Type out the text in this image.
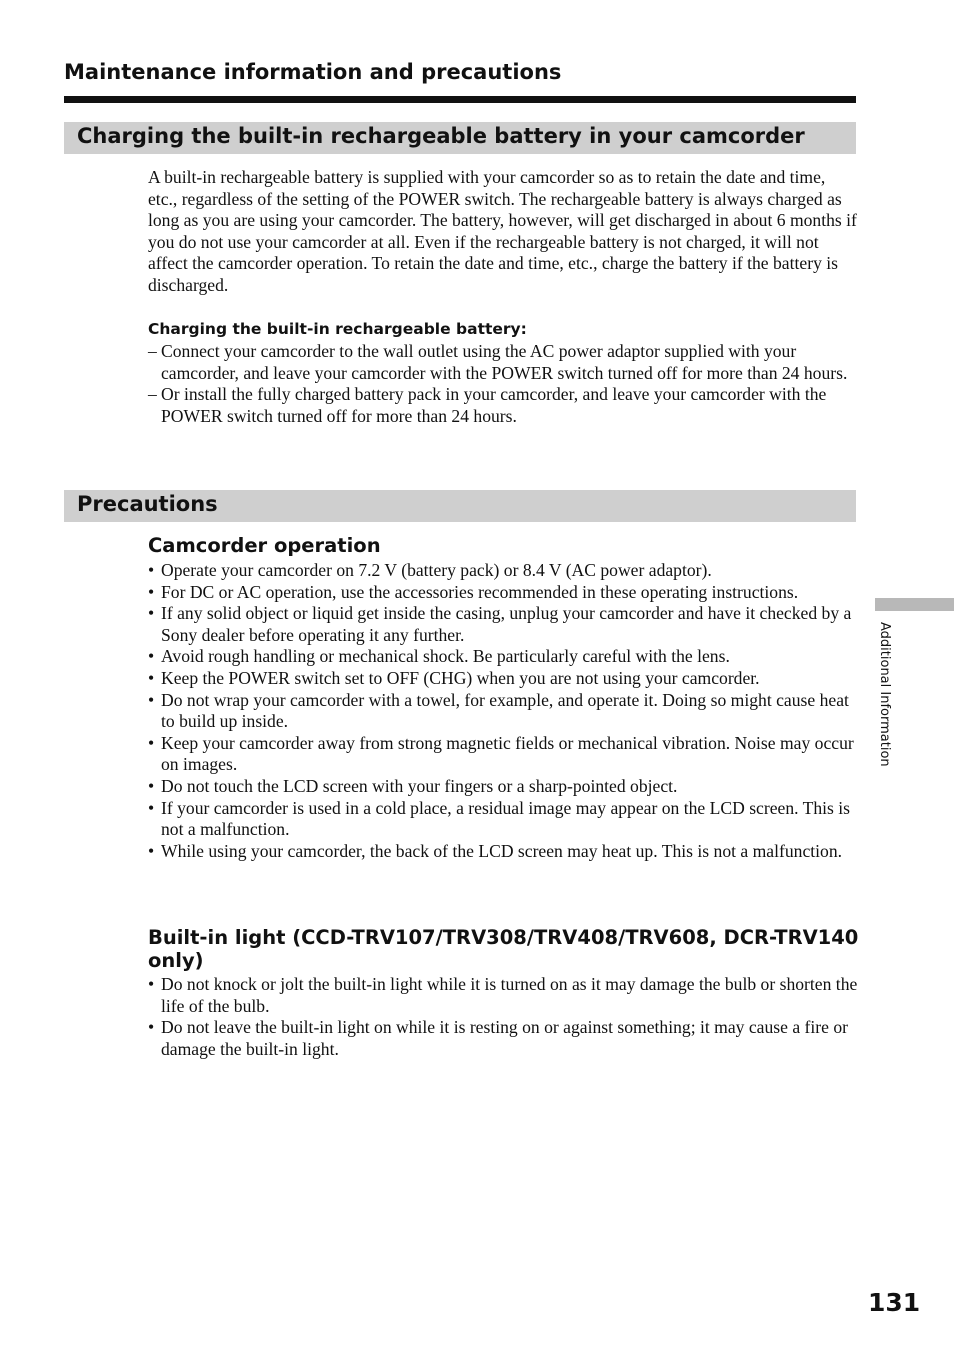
Maintenance information and precautions
Charging the built-in rechargeable battery in your camcorder
A built-in rechargeable battery is supplied with your camcorder so as to retain the date and time, etc., regardless of the setting of the POWER switch. The rechargeable battery is always charged as long as you are using your camcorder. The battery, however, will get discharged in about 6 months if you do not use your camcorder at all. Even if the rechargeable battery is not charged, it will not affect the camcorder operation. To retain the date and time, etc., charge the battery if the battery is discharged.
Charging the built-in rechargeable battery:
– Connect your camcorder to the wall outlet using the AC power adaptor supplied with your camcorder, and leave your camcorder with the POWER switch turned off for more than 24 hours.
– Or install the fully charged battery pack in your camcorder, and leave your camcorder with the POWER switch turned off for more than 24 hours.
Precautions
Camcorder operation
• Operate your camcorder on 7.2 V (battery pack) or 8.4 V (AC power adaptor).
• For DC or AC operation, use the accessories recommended in these operating instructions.
• If any solid object or liquid get inside the casing, unplug your camcorder and have it checked by a Sony dealer before operating it any further.
• Avoid rough handling or mechanical shock. Be particularly careful with the lens.
• Keep the POWER switch set to OFF (CHG) when you are not using your camcorder.
• Do not wrap your camcorder with a towel, for example, and operate it. Doing so might cause heat to build up inside.
• Keep your camcorder away from strong magnetic fields or mechanical vibration. Noise may occur on images.
• Do not touch the LCD screen with your fingers or a sharp-pointed object.
• If your camcorder is used in a cold place, a residual image may appear on the LCD screen. This is not a malfunction.
• While using your camcorder, the back of the LCD screen may heat up. This is not a malfunction.
Built-in light (CCD-TRV107/TRV308/TRV408/TRV608, DCR-TRV140 only)
• Do not knock or jolt the built-in light while it is turned on as it may damage the bulb or shorten the life of the bulb.
• Do not leave the built-in light on while it is resting on or against something; it may cause a fire or damage the built-in light.
Additional Information
131
